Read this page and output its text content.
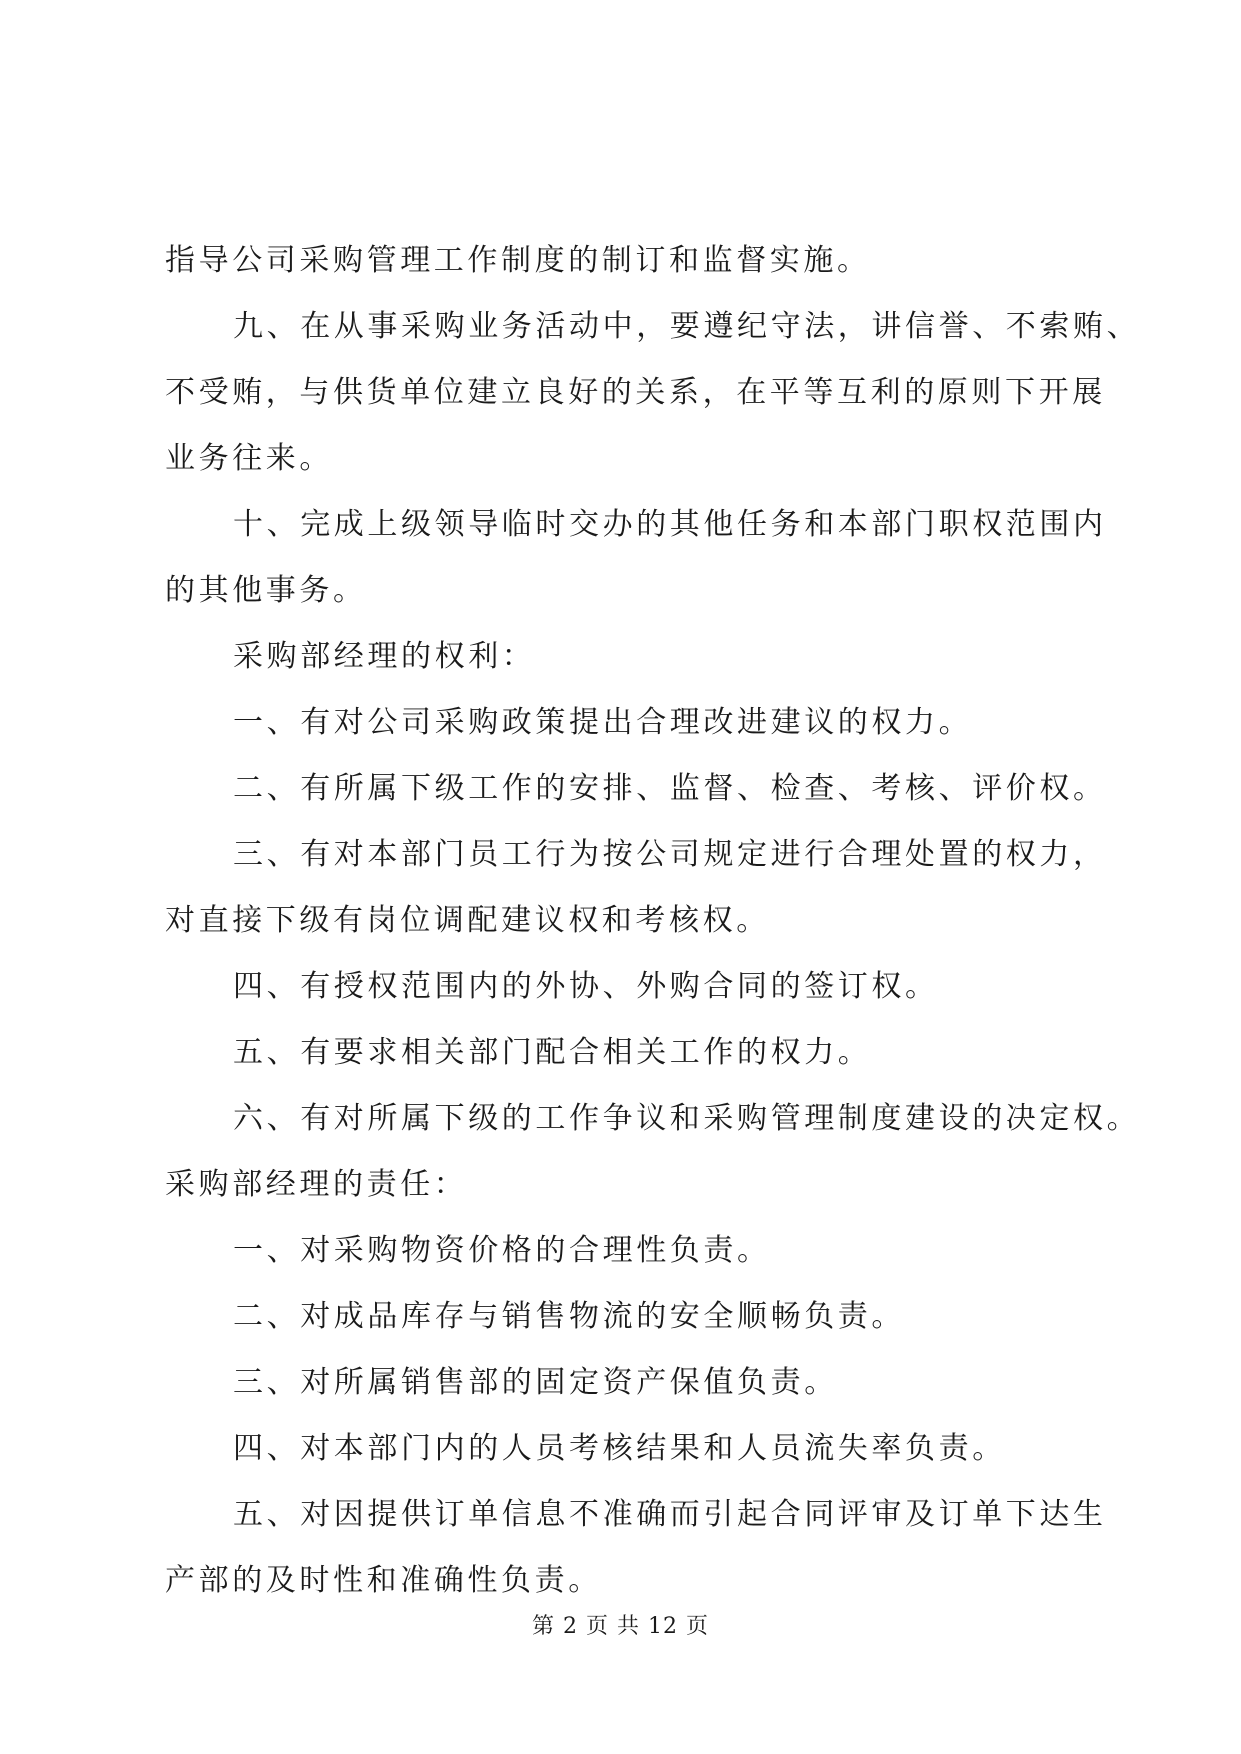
指导公司采购管理工作制度的制订和监督实施。
九、在从事采购业务活动中，要遵纪守法，讲信誉、不索贿、
不受贿，与供货单位建立良好的关系，在平等互利的原则下开展
业务往来。
十、完成上级领导临时交办的其他任务和本部门职权范围内
的其他事务。
采购部经理的权利：
一、有对公司采购政策提出合理改进建议的权力。
二、有所属下级工作的安排、监督、检查、考核、评价权。
三、有对本部门员工行为按公司规定进行合理处置的权力，
对直接下级有岗位调配建议权和考核权。
四、有授权范围内的外协、外购合同的签订权。
五、有要求相关部门配合相关工作的权力。
六、有对所属下级的工作争议和采购管理制度建设的决定权。
采购部经理的责任：
一、对采购物资价格的合理性负责。
二、对成品库存与销售物流的安全顺畅负责。
三、对所属销售部的固定资产保值负责。
四、对本部门内的人员考核结果和人员流失率负责。
五、对因提供订单信息不准确而引起合同评审及订单下达生
产部的及时性和准确性负责。
第 2 页 共 12 页
